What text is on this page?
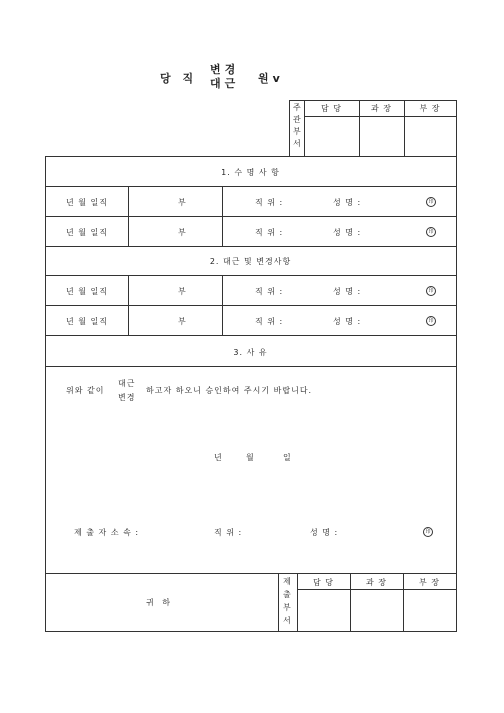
당 직
변경
대근 원v
주관부서
담 당	과 장	부 장
1. 수 명 사 항
년 월 일직	부	직 위 :	성 명 :	印
년 월 일직	부	직 위 :	성 명 :	印
2. 대근 및 변경사항
년 월 일직	부	직 위 :	성 명 :	印
년 월 일직	부	직 위 :	성 명 :	印
3. 사 유
위와 같이
대근
변경
하고자 하오니 승인하여 주시기 바랍니다.
년	월	일
제 출 자 소 속 :	직 위 :	성 명 :	印
귀 하
제출부서
담 당	과 장	부 장
